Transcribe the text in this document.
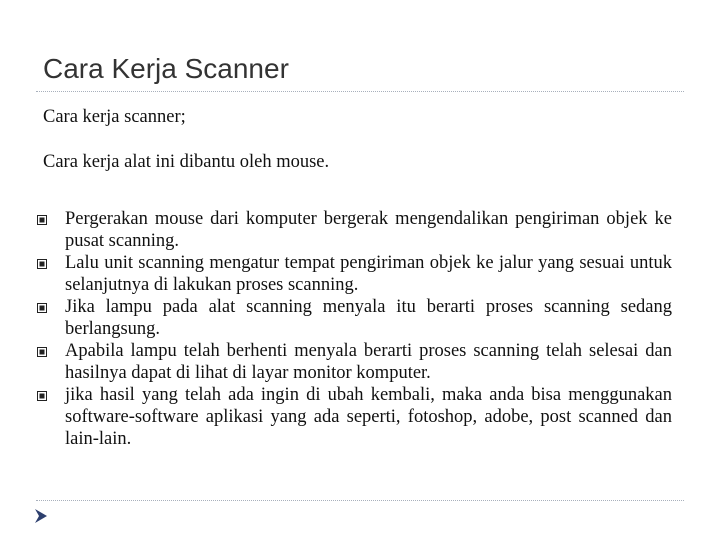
Cara Kerja Scanner
Cara kerja scanner;
Cara kerja alat ini dibantu oleh mouse.
Pergerakan mouse dari komputer bergerak mengendalikan pengiriman objek ke pusat scanning.
Lalu unit scanning mengatur tempat pengiriman objek ke jalur yang sesuai untuk selanjutnya di lakukan proses scanning.
Jika lampu pada alat scanning menyala itu berarti proses scanning sedang berlangsung.
Apabila lampu telah berhenti menyala berarti proses scanning telah selesai dan hasilnya dapat di lihat di layar monitor komputer.
jika hasil yang telah ada ingin di ubah kembali, maka anda bisa menggunakan software-software aplikasi yang ada seperti, fotoshop, adobe, post scanned dan lain-lain.
